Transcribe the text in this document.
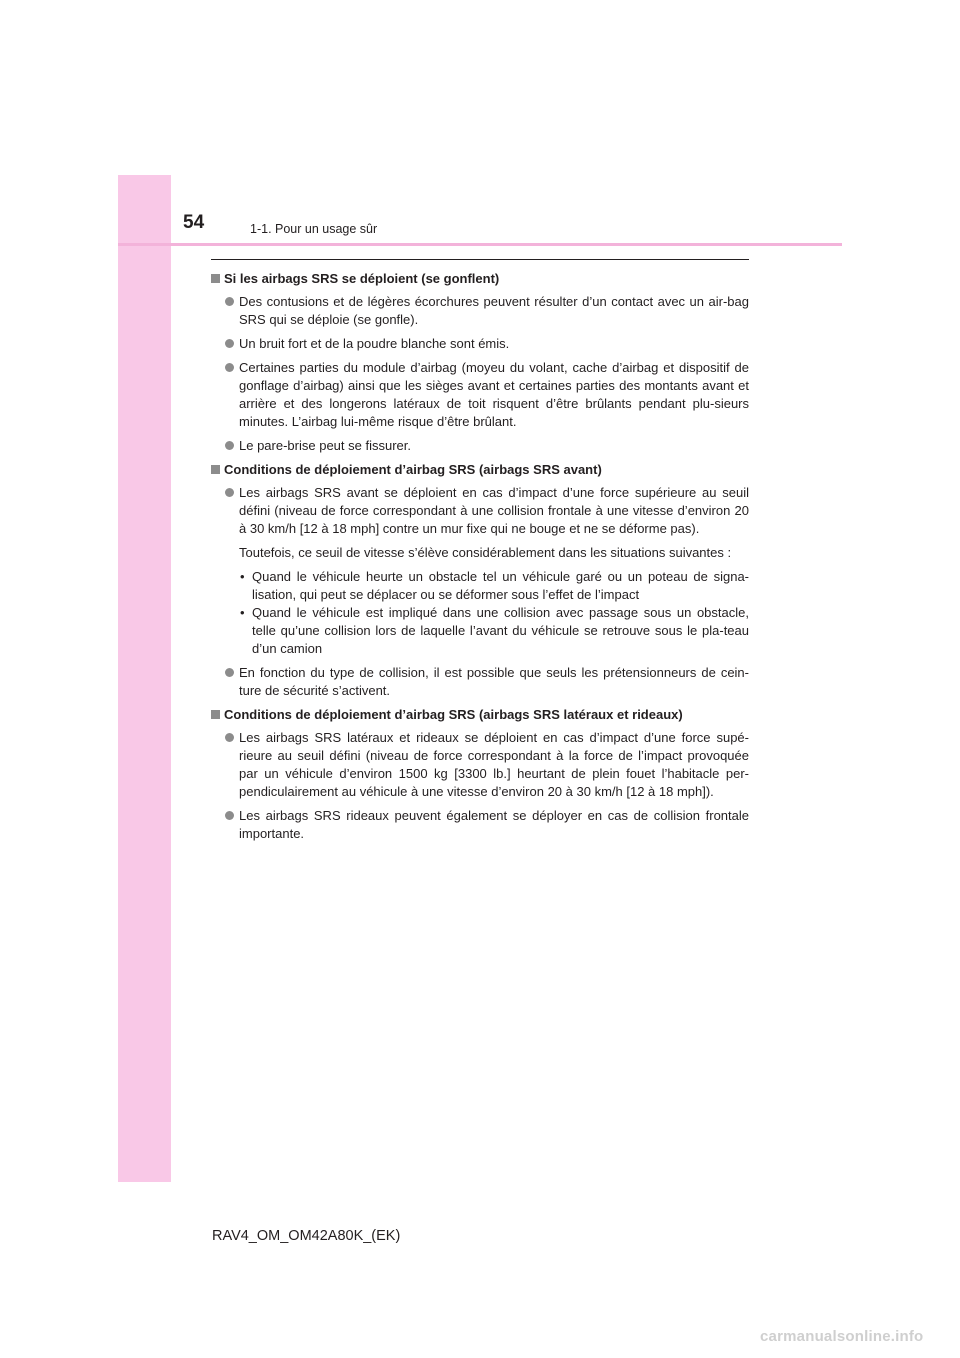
54	1-1. Pour un usage sûr
Si les airbags SRS se déploient (se gonflent)
Des contusions et de légères écorchures peuvent résulter d’un contact avec un air-bag SRS qui se déploie (se gonfle).
Un bruit fort et de la poudre blanche sont émis.
Certaines parties du module d’airbag (moyeu du volant, cache d’airbag et dispositif de gonflage d’airbag) ainsi que les sièges avant et certaines parties des montants avant et arrière et des longerons latéraux de toit risquent d’être brûlants pendant plu-sieurs minutes. L’airbag lui-même risque d’être brûlant.
Le pare-brise peut se fissurer.
Conditions de déploiement d’airbag SRS (airbags SRS avant)
Les airbags SRS avant se déploient en cas d’impact d’une force supérieure au seuil défini (niveau de force correspondant à une collision frontale à une vitesse d’environ 20 à 30 km/h [12 à 18 mph] contre un mur fixe qui ne bouge et ne se déforme pas).
Toutefois, ce seuil de vitesse s’élève considérablement dans les situations suivantes :
• Quand le véhicule heurte un obstacle tel un véhicule garé ou un poteau de signa-lisation, qui peut se déplacer ou se déformer sous l’effet de l’impact
• Quand le véhicule est impliqué dans une collision avec passage sous un obstacle, telle qu’une collision lors de laquelle l’avant du véhicule se retrouve sous le pla-teau d’un camion
En fonction du type de collision, il est possible que seuls les prétensionneurs de cein-ture de sécurité s’activent.
Conditions de déploiement d’airbag SRS (airbags SRS latéraux et rideaux)
Les airbags SRS latéraux et rideaux se déploient en cas d’impact d’une force supé-rieure au seuil défini (niveau de force correspondant à la force de l’impact provoquée par un véhicule d’environ 1500 kg [3300 lb.] heurtant de plein fouet l’habitacle per-pendiculairement au véhicule à une vitesse d’environ 20 à 30 km/h [12 à 18 mph]).
Les airbags SRS rideaux peuvent également se déployer en cas de collision frontale importante.
RAV4_OM_OM42A80K_(EK)
carmanualsonline.info
